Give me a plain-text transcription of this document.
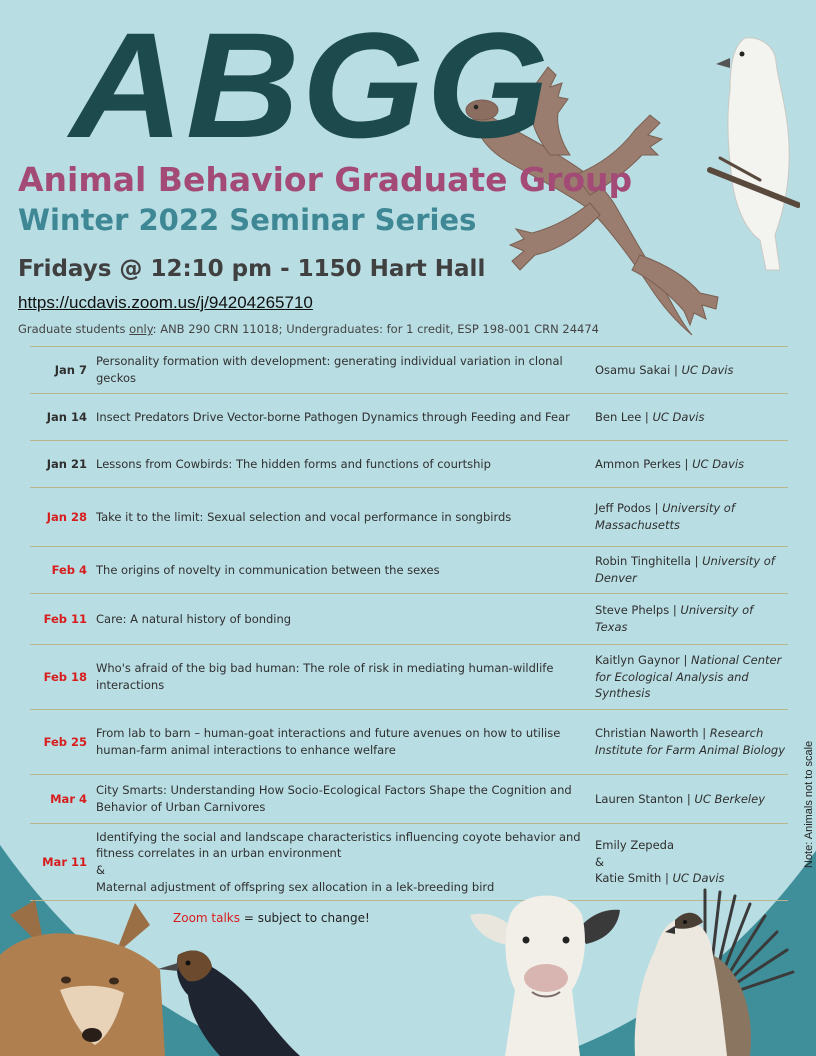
ABGG
Animal Behavior Graduate Group
Winter 2022 Seminar Series
Fridays @ 12:10 pm - 1150 Hart Hall
https://ucdavis.zoom.us/j/94204265710
Graduate students only: ANB 290 CRN 11018; Undergraduates: for 1 credit, ESP 198-001 CRN 24474
Jan 7
Personality formation with development: generating individual variation in clonal geckos
Osamu Sakai | UC Davis
Jan 14 Insect Predators Drive Vector-borne Pathogen Dynamics through Feeding and Fear	Ben Lee | UC Davis
Jan 21 Lessons from Cowbirds: The hidden forms and functions of courtship	Ammon Perkes | UC Davis
Jan 28 Take it to the limit: Sexual selection and vocal performance in songbirds
Jeff Podos | University of Massachusetts
Feb 4 The origins of novelty in communication between the sexes
Robin Tinghitella | University of Denver
Feb 11 Care: A natural history of bonding
Steve Phelps | University of Texas
Feb 18
Who's afraid of the big bad human: The role of risk in mediating human-wildlife interactions
Kaitlyn Gaynor | National Center for Ecological Analysis and Synthesis
Feb 25
From lab to barn – human-goat interactions and future avenues on how to utilise human-farm animal interactions to enhance welfare
Christian Naworth | Research Institute for Farm Animal Biology
Mar 4
City Smarts: Understanding How Socio-Ecological Factors Shape the Cognition and Behavior of Urban Carnivores
Lauren Stanton | UC Berkeley
Mar 11
Identifying the social and landscape characteristics influencing coyote behavior and fitness correlates in an urban environment
&
Maternal adjustment of offspring sex allocation in a lek-breeding bird
Emily Zepeda
&
Katie Smith | UC Davis
Zoom talks = subject to change!
Note: Animals not to scale
